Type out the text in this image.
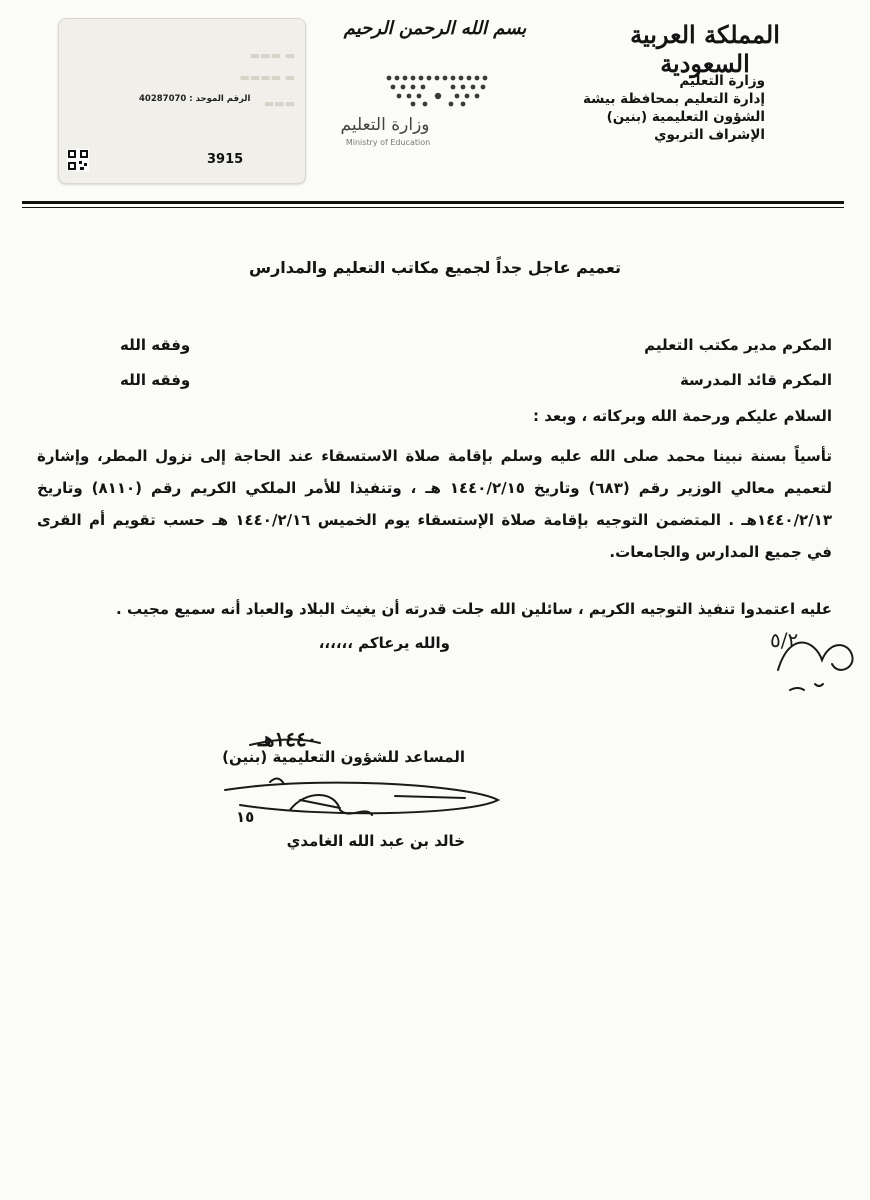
المملكة العربية السعودية
وزارة التعليم
إدارة التعليم بمحافظة بيشة
الشؤون التعليمية (بنين)
الإشراف التربوي
بسم الله الرحمن الرحيم
وزارة التعليم
Ministry of Education
▬▬▬ ▬
▬▬▬▬ ▬
▬▬▬
الرقم الموحد : 40287070
3915
تعميم عاجل جداً لجميع مكاتب التعليم والمدارس
المكرم مدير مكتب التعليم
وفقه الله
المكرم قائد المدرسة
وفقه الله
السلام عليكم ورحمة الله وبركاته ، وبعد :
تأسياً بسنة نبينا محمد صلى الله عليه وسلم بإقامة صلاة الاستسقاء عند الحاجة إلى نزول المطر، وإشارة لتعميم معالي الوزير رقم (٦٨٣) وتاريخ ١٤٤٠/٢/١٥ هـ ، وتنفيذا للأمر الملكي الكريم رقم (٨١١٠) وتاريخ ١٤٤٠/٢/١٣هـ . المتضمن التوجيه بإقامة صلاة الإستسقاء يوم الخميس ١٤٤٠/٢/١٦ هـ حسب تقويم أم القرى في جميع المدارس والجامعات.
عليه اعتمدوا تنفيذ التوجيه الكريم ، سائلين الله جلت قدرته أن يغيث البلاد والعباد أنه سميع مجيب .
والله يرعاكم ،،،،،،	٥/٢
١٤٤٠هـ
المساعد للشؤون التعليمية (بنين)
خالد بن عبد الله الغامدي
١٥
